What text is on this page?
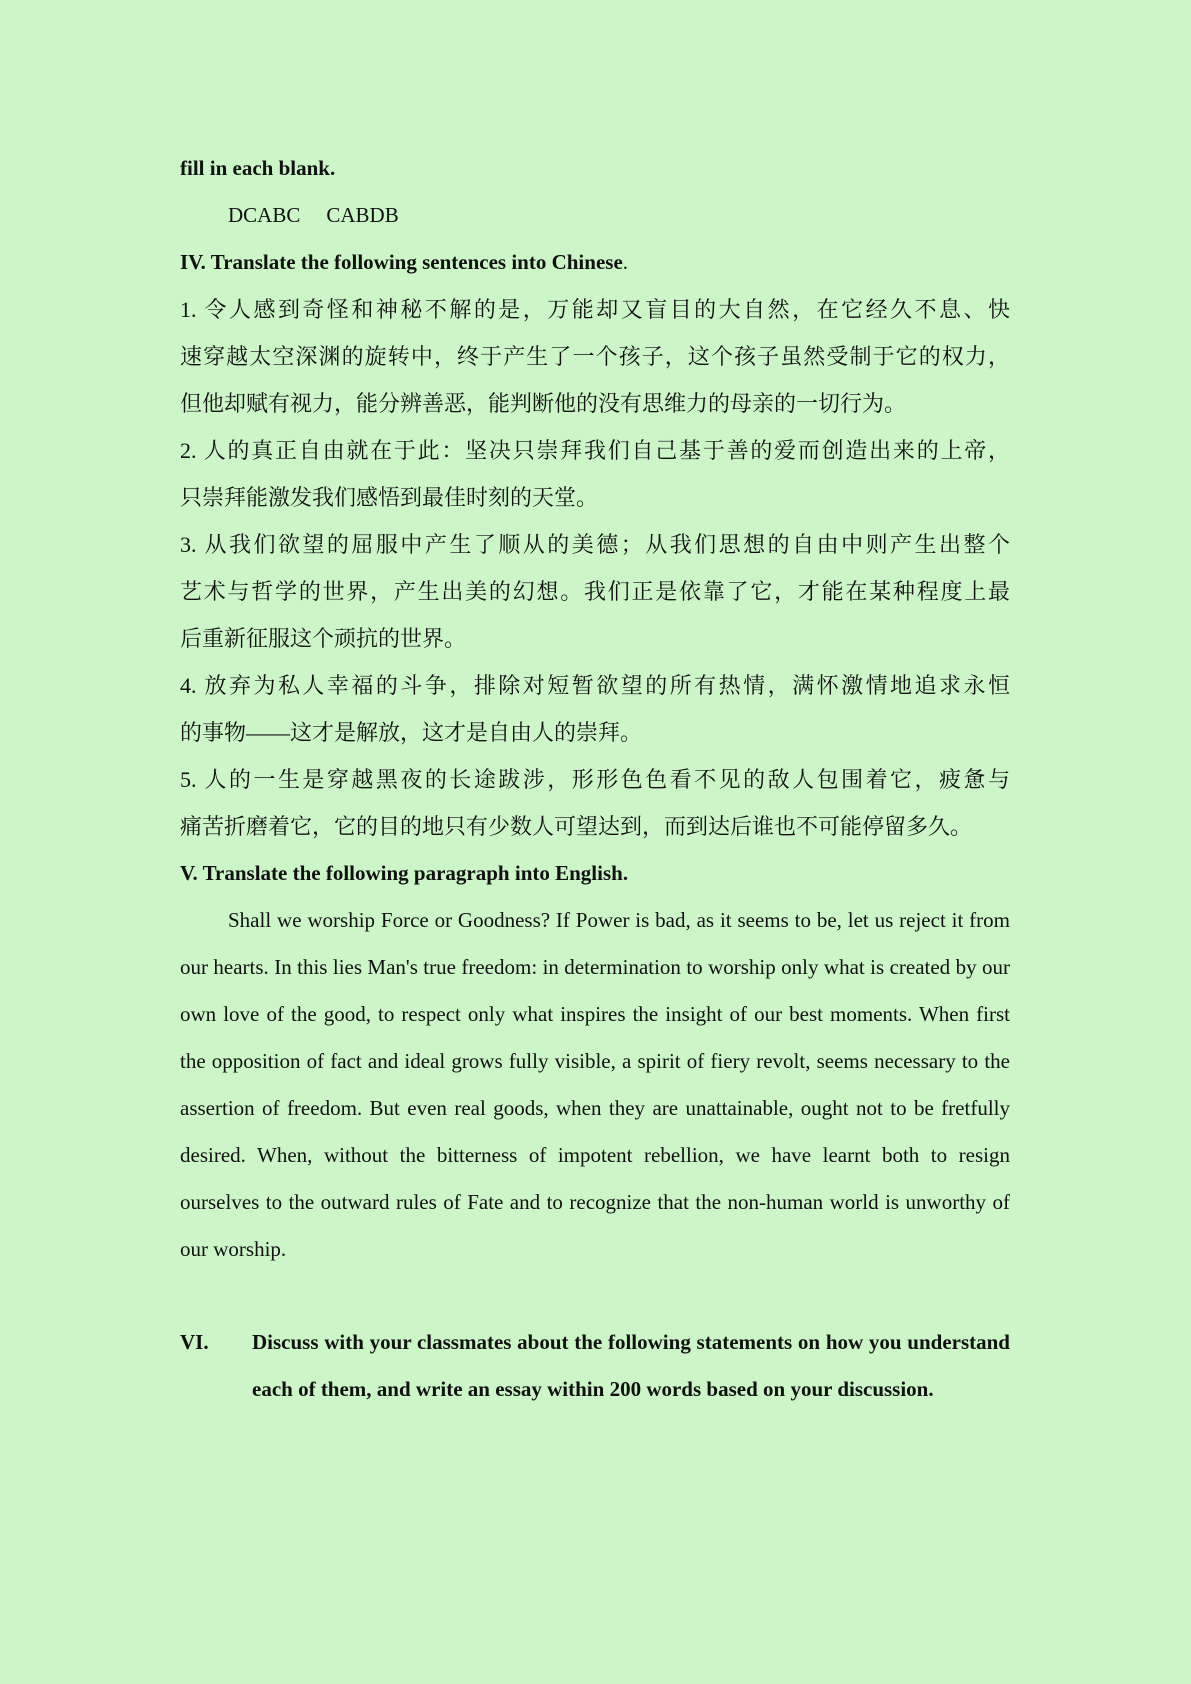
fill in each blank.
DCABC CABDB
IV. Translate the following sentences into Chinese.
1. 令人感到奇怪和神秘不解的是，万能却又盲目的大自然，在它经久不息、快
速穿越太空深渊的旋转中，终于产生了一个孩子，这个孩子虽然受制于它的权力，
但他却赋有视力，能分辨善恶，能判断他的没有思维力的母亲的一切行为。
2. 人的真正自由就在于此：坚决只崇拜我们自己基于善的爱而创造出来的上帝，
只崇拜能激发我们感悟到最佳时刻的天堂。
3. 从我们欲望的屈服中产生了顺从的美德；从我们思想的自由中则产生出整个
艺术与哲学的世界，产生出美的幻想。我们正是依靠了它，才能在某种程度上最
后重新征服这个顽抗的世界。
4. 放弃为私人幸福的斗争，排除对短暂欲望的所有热情，满怀激情地追求永恒
的事物——这才是解放，这才是自由人的崇拜。
5. 人的一生是穿越黑夜的长途跋涉，形形色色看不见的敌人包围着它，疲惫与
痛苦折磨着它，它的目的地只有少数人可望达到，而到达后谁也不可能停留多久。
V. Translate the following paragraph into English.
Shall we worship Force or Goodness? If Power is bad, as it seems to be, let us reject it from our hearts. In this lies Man's true freedom: in determination to worship only what is created by our own love of the good, to respect only what inspires the insight of our best moments. When first the opposition of fact and ideal grows fully visible, a spirit of fiery revolt, seems necessary to the assertion of freedom. But even real goods, when they are unattainable, ought not to be fretfully desired. When, without the bitterness of impotent rebellion, we have learnt both to resign ourselves to the outward rules of Fate and to recognize that the non-human world is unworthy of our worship.
VI.	Discuss with your classmates about the following statements on how you understand each of them, and write an essay within 200 words based on your discussion.
